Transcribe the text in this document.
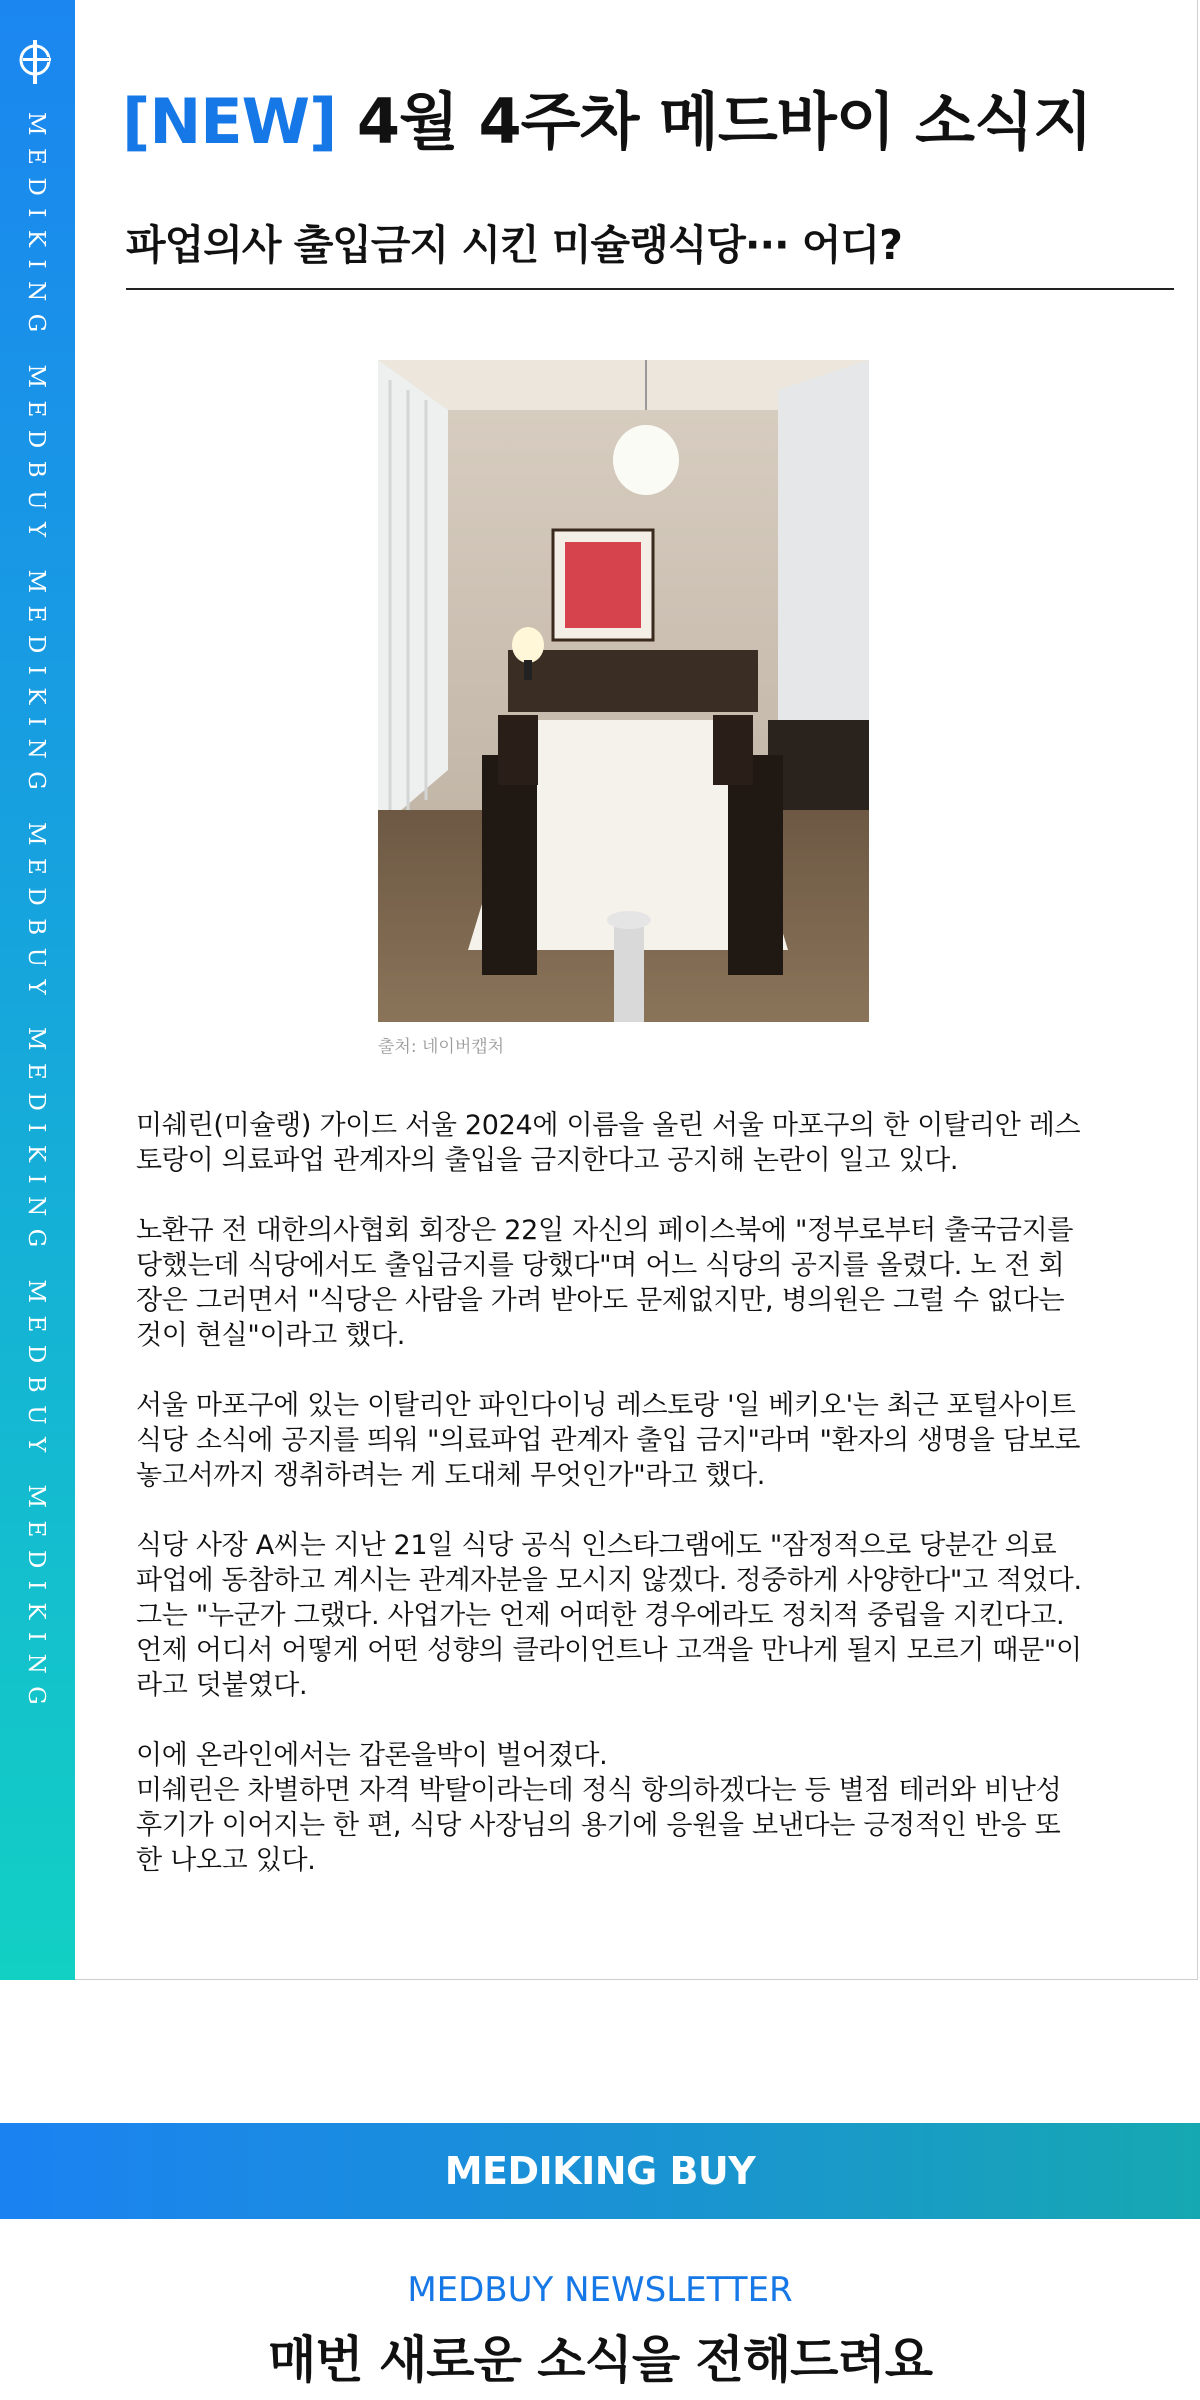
MEDIKING MEDBUY MEDIKING MEDBUY MEDIKING MEDBUY MEDIKING [NEW] 4월 4주차 메드바이 소식지
파업의사 출입금지 시킨 미슐랭식당··· 어디?
출처: 네이버캡처

미쉐린(미슐랭) 가이드 서울 2024에 이름을 올린 서울 마포구의 한 이탈리안 레스
토랑이 의료파업 관계자의 출입을 금지한다고 공지해 논란이 일고 있다.

노환규 전 대한의사협회 회장은 22일 자신의 페이스북에 "정부로부터 출국금지를
당했는데 식당에서도 출입금지를 당했다"며 어느 식당의 공지를 올렸다. 노 전 회
장은 그러면서 "식당은 사람을 가려 받아도 문제없지만, 병의원은 그럴 수 없다는
것이 현실"이라고 했다.

서울 마포구에 있는 이탈리안 파인다이닝 레스토랑 '일 베키오'는 최근 포털사이트
식당 소식에 공지를 띄워 "의료파업 관계자 출입 금지"라며 "환자의 생명을 담보로
놓고서까지 쟁취하려는 게 도대체 무엇인가"라고 했다.

식당 사장 A씨는 지난 21일 식당 공식 인스타그램에도 "잠정적으로 당분간 의료
파업에 동참하고 계시는 관계자분을 모시지 않겠다. 정중하게 사양한다"고 적었다.
그는 "누군가 그랬다. 사업가는 언제 어떠한 경우에라도 정치적 중립을 지킨다고.
언제 어디서 어떻게 어떤 성향의 클라이언트나 고객을 만나게 될지 모르기 때문"이
라고 덧붙였다.

이에 온라인에서는 갑론을박이 벌어졌다.
미쉐린은 차별하면 자격 박탈이라는데 정식 항의하겠다는 등 별점 테러와 비난성
후기가 이어지는 한 편, 식당 사장님의 용기에 응원을 보낸다는 긍정적인 반응 또
한 나오고 있다.

MEDIKING BUY
MEDBUY NEWSLETTER
매번 새로운 소식을 전해드려요
